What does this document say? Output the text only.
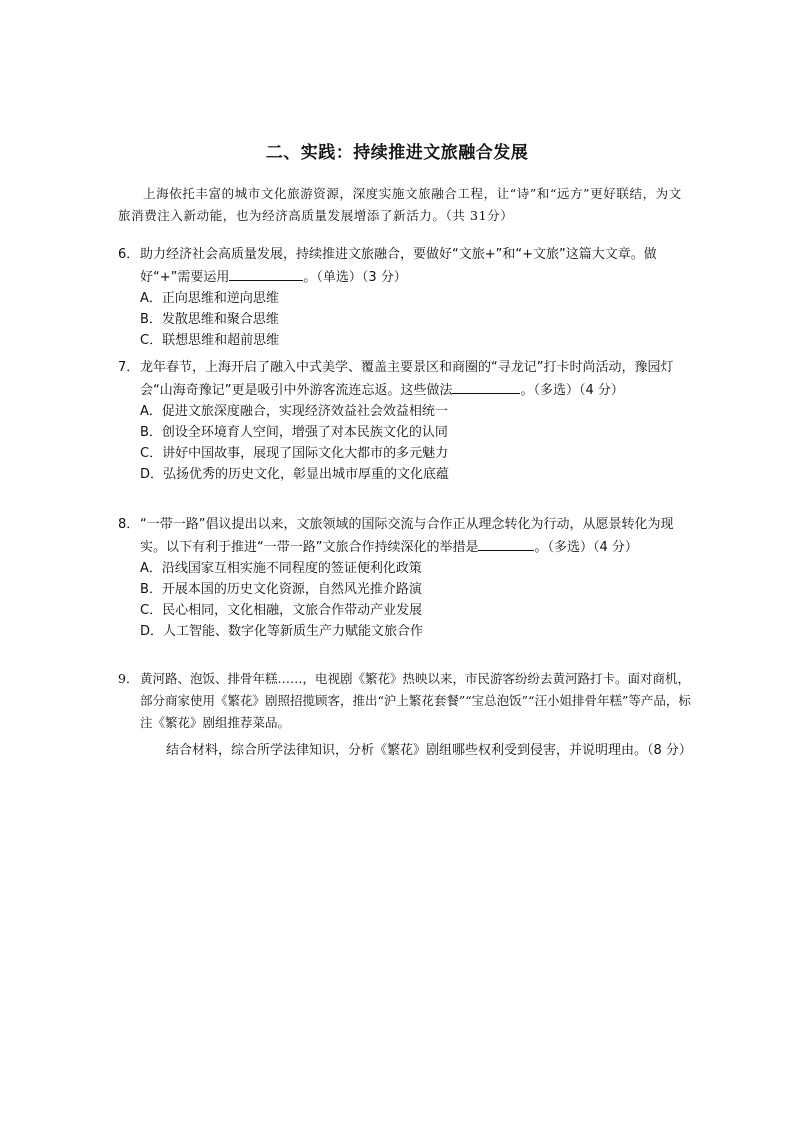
二、实践：持续推进文旅融合发展

上海依托丰富的城市文化旅游资源，深度实施文旅融合工程，让“诗”和“远方”更好联结，为文旅消费注入新动能，也为经济高质量发展增添了新活力。（共 31分）

6．助力经济社会高质量发展，持续推进文旅融合，要做好“文旅+”和“+文旅”这篇大文章。做好“+”需要运用	。（单选）（3 分）
A．正向思维和逆向思维
B．发散思维和聚合思维
C．联想思维和超前思维
7．龙年春节，上海开启了融入中式美学、覆盖主要景区和商圈的“寻龙记”打卡时尚活动，豫园灯会“山海奇豫记”更是吸引中外游客流连忘返。这些做法	。（多选）（4 分）
A．促进文旅深度融合，实现经济效益社会效益相统一
B．创设全环境育人空间，增强了对本民族文化的认同
C．讲好中国故事，展现了国际文化大都市的多元魅力
D．弘扬优秀的历史文化，彰显出城市厚重的文化底蕴
8．“一带一路”倡议提出以来，文旅领域的国际交流与合作正从理念转化为行动，从愿景转化为现实。以下有利于推进“一带一路”文旅合作持续深化的举措是	。（多选）（4 分）
A．沿线国家互相实施不同程度的签证便利化政策
B．开展本国的历史文化资源，自然风光推介路演
C．民心相同，文化相融，文旅合作带动产业发展
D．人工智能、数字化等新质生产力赋能文旅合作
9． 黄河路、泡饭、排骨年糕……，电视剧《繁花》热映以来，市民游客纷纷去黄河路打卡。面对商机，部分商家使用《繁花》剧照招揽顾客，推出“沪上繁花套餐”“宝总泡饭”“汪小姐排骨年糕”等产品，标注《繁花》剧组推荐菜品。
结合材料，综合所学法律知识，分析《繁花》剧组哪些权利受到侵害，并说明理由。（8 分）
